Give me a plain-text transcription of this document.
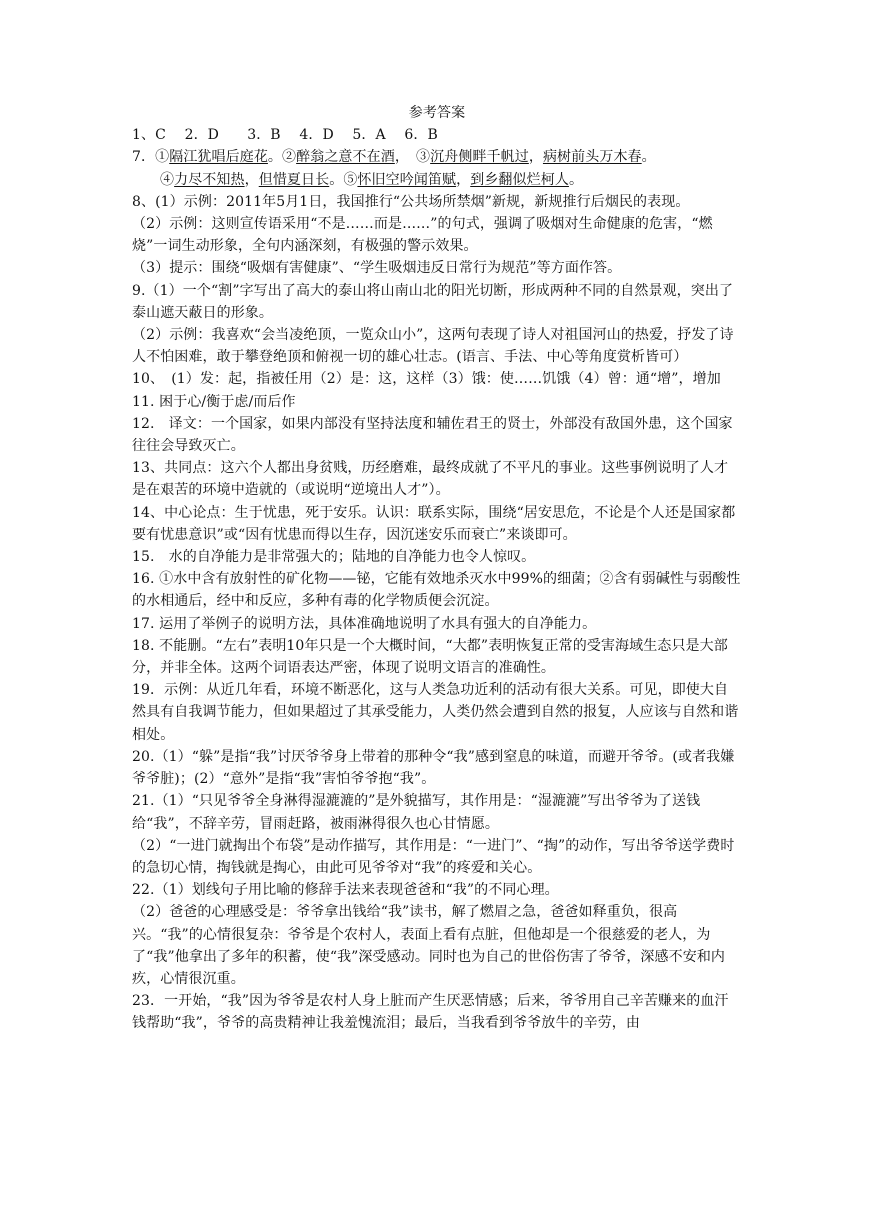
参考答案

1、C　 2．D　　3．B　 4．D　 5．A　 6．B

7．①隔江犹唱后庭花。②醉翁之意不在酒，　③沉舟侧畔千帆过，病树前头万木春。

④力尽不知热，但惜夏日长。⑤怀旧空吟闻笛赋，到乡翻似烂柯人。

8、(1）示例：2011年5月1日，我国推行“公共场所禁烟”新规，新规推行后烟民的表现。

（2）示例：这则宣传语采用“不是……而是……”的句式，强调了吸烟对生命健康的危害，“燃烧”一词生动形象，全句内涵深刻，有极强的警示效果。

（3）提示：围绕“吸烟有害健康”、“学生吸烟违反日常行为规范”等方面作答。

9.（1）一个“割”字写出了高大的泰山将山南山北的阳光切断，形成两种不同的自然景观，突出了泰山遮天蔽日的形象。

（2）示例：我喜欢“会当凌绝顶，一览众山小”，这两句表现了诗人对祖国河山的热爱，抒发了诗人不怕困难，敢于攀登绝顶和俯视一切的雄心壮志。(语言、手法、中心等角度赏析皆可）

10、　(1）发：起，指被任用（2）是：这，这样（3）饿：使……饥饿（4）曾：通“增”，增加

11. 困于心/衡于虑/而后作

12.　译文：一个国家，如果内部没有坚持法度和辅佐君王的贤士，外部没有敌国外患，这个国家往往会导致灭亡。

13、共同点：这六个人都出身贫贱，历经磨难，最终成就了不平凡的事业。这些事例说明了人才是在艰苦的环境中造就的（或说明“逆境出人才”）。

14、中心论点：生于忧患，死于安乐。认识：联系实际，围绕“居安思危，不论是个人还是国家都要有忧患意识”或“因有忧患而得以生存，因沉迷安乐而衰亡”来谈即可。

15.　水的自净能力是非常强大的；陆地的自净能力也令人惊叹。

16. ①水中含有放射性的矿化物——铋，它能有效地杀灭水中99%的细菌；②含有弱碱性与弱酸性的水相通后，经中和反应，多种有毒的化学物质便会沉淀。

17. 运用了举例子的说明方法，具体准确地说明了水具有强大的自净能力。

18. 不能删。“左右”表明10年只是一个大概时间，“大都”表明恢复正常的受害海域生态只是大部分，并非全体。这两个词语表达严密，体现了说明文语言的准确性。

19．示例：从近几年看，环境不断恶化，这与人类急功近利的活动有很大关系。可见，即使大自然具有自我调节能力，但如果超过了其承受能力，人类仍然会遭到自然的报复，人应该与自然和谐相处。

20.（1）“躲”是指“我”讨厌爷爷身上带着的那种令“我”感到窒息的味道，而避开爷爷。(或者我嫌爷爷脏)；(2）“意外”是指“我”害怕爷爷抱“我”。

21.（1）“只见爷爷全身淋得湿漉漉的”是外貌描写，其作用是：“湿漉漉”写出爷爷为了送钱给“我”，不辞辛劳，冒雨赶路，被雨淋得很久也心甘情愿。

（2）“一进门就掏出个布袋”是动作描写，其作用是：“一进门”、“掏”的动作，写出爷爷送学费时的急切心情，掏钱就是掏心，由此可见爷爷对“我”的疼爱和关心。

22.（1）划线句子用比喻的修辞手法来表现爸爸和“我”的不同心理。

（2）爸爸的心理感受是：爷爷拿出钱给“我”读书，解了燃眉之急，爸爸如释重负，很高兴。“我”的心情很复杂：爷爷是个农村人，表面上看有点脏，但他却是一个很慈爱的老人，为了“我”他拿出了多年的积蓄，使“我”深受感动。同时也为自己的世俗伤害了爷爷，深感不安和内疚，心情很沉重。

23．一开始，“我”因为爷爷是农村人身上脏而产生厌恶情感；后来，爷爷用自己辛苦赚来的血汗钱帮助“我”，爷爷的高贵精神让我羞愧流泪；最后，当我看到爷爷放牛的辛劳，由
